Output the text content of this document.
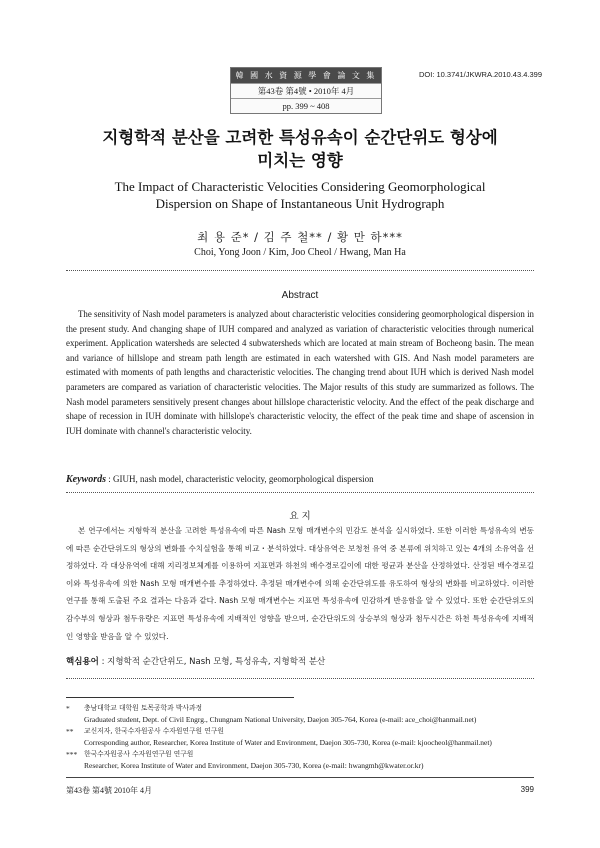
韓 國 水 資 源 學 會 論 文 集
第43卷 第4號 • 2010年 4月
pp. 399 ~ 408
DOI: 10.3741/JKWRA.2010.43.4.399
지형학적 분산을 고려한 특성유속이 순간단위도 형상에
미치는 영향
The Impact of Characteristic Velocities Considering Geomorphological
Dispersion on Shape of Instantaneous Unit Hydrograph
최 용 준* / 김 주 철** / 황 만 하***
Choi, Yong Joon / Kim, Joo Cheol / Hwang, Man Ha
Abstract

The sensitivity of Nash model parameters is analyzed about characteristic velocities considering geomorphological dispersion in the present study. And changing shape of IUH compared and analyzed as variation of characteristic velocities through numerical experiment. Application watersheds are selected 4 subwatersheds which are located at main stream of Bocheong basin. The mean and variance of hillslope and stream path length are estimated in each watershed with GIS. And Nash model parameters are estimated with moments of path lengths and characteristic velocities. The changing trend about IUH which is derived Nash model parameters are compared as variation of characteristic velocities. The Major results of this study are summarized as follows. The Nash model parameters sensitively present changes about hillslope characteristic velocity. And the effect of the peak discharge and shape of recession in IUH dominate with hillslope's characteristic velocity, the effect of the peak time and shape of ascension in IUH dominate with channel's characteristic velocity.

Keywords : GIUH, nash model, characteristic velocity, geomorphological dispersion
요 지

본 연구에서는 지형학적 분산을 고려한 특성유속에 따른 Nash 모형 매개변수의 민감도 분석을 실시하였다. 또한 이러한 특성유속의 변동에 따른 순간단위도의 형상의 변화를 수치실험을 통해 비교・분석하였다. 대상유역은 보청천 유역 중 본류에 위치하고 있는 4개의 소유역을 선정하였다. 각 대상유역에 대해 지리정보체계를 이용하여 지표면과 하천의 배수경로길이에 대한 평균과 분산을 산정하였다. 산정된 배수경로길이와 특성유속에 의한 Nash 모형 매개변수를 추정하였다. 추정된 매개변수에 의해 순간단위도를 유도하여 형상의 변화를 비교하였다. 이러한 연구를 통해 도출된 주요 결과는 다음과 같다. Nash 모형 매개변수는 지표면 특성유속에 민감하게 반응함을 알 수 있었다. 또한 순간단위도의 감수부의 형상과 첨두유량은 지표면 특성유속에 지배적인 영향을 받으며, 순간단위도의 상승부의 형상과 첨두시간은 하천 특성유속에 지배적인 영향을 받음을 알 수 있었다.

핵심용어 : 지형학적 순간단위도, Nash 모형, 특성유속, 지형학적 분산
* 충남대학교 대학원 토목공학과 박사과정
Graduated student, Dept. of Civil Engrg., Chungnam National University, Daejon 305-764, Korea (e-mail: ace_choi@hanmail.net)
** 교신저자, 한국수자원공사 수자원연구원 연구원
Corresponding author, Researcher, Korea Institute of Water and Environment, Daejon 305-730, Korea (e-mail: kjoocheol@hanmail.net)
*** 한국수자원공사 수자원연구원 연구원
Researcher, Korea Institute of Water and Environment, Daejon 305-730, Korea (e-mail: hwangmh@kwater.or.kr)
第43卷 第4號 2010年 4月	399
